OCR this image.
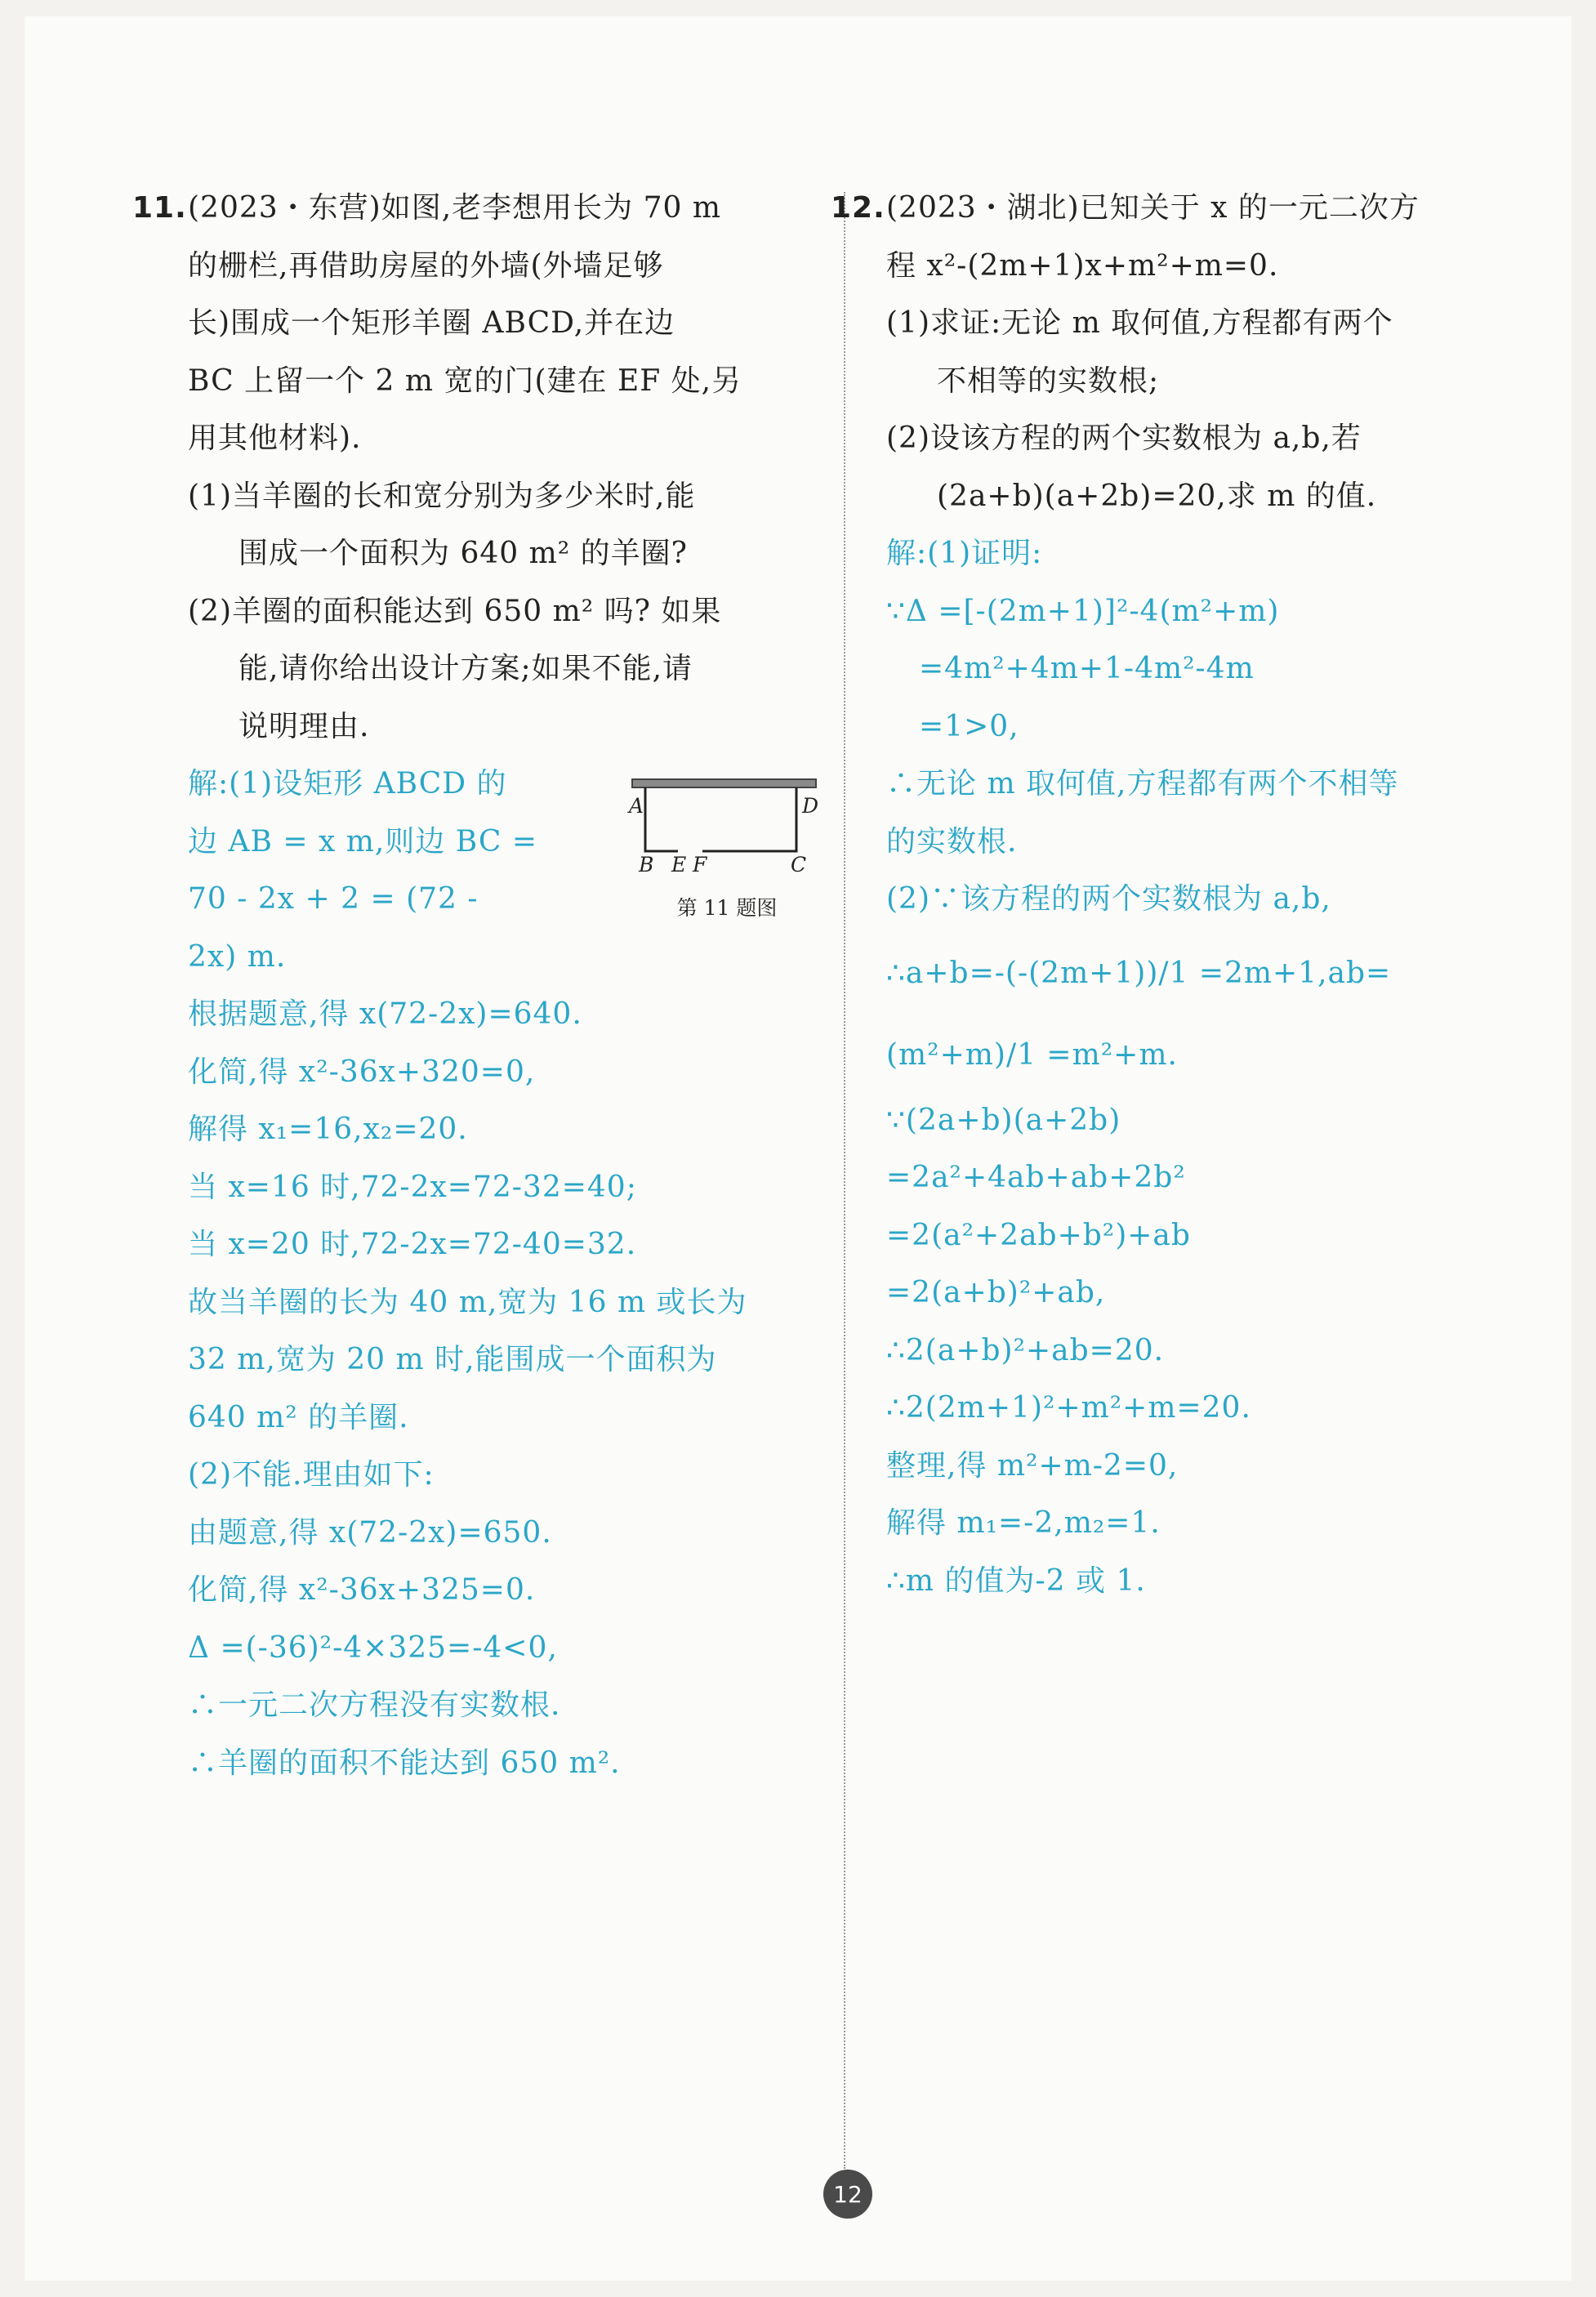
11. (2023・东营)如图,老李想用长为 70 m
的栅栏,再借助房屋的外墙(外墙足够
长)围成一个矩形羊圈 ABCD,并在边
BC 上留一个 2 m 宽的门(建在 EF 处,另
用其他材料).
(1)当羊圈的长和宽分别为多少米时,能
围成一个面积为 640 m² 的羊圈?
(2)羊圈的面积能达到 650 m² 吗? 如果
能,请你给出设计方案;如果不能,请
说明理由.
解:(1)设矩形 ABCD 的
边 AB = x m,则边 BC =
70 - 2x + 2 = (72 -
2x) m.
根据题意,得 x(72-2x)=640.
化简,得 x²-36x+320=0,
解得 x₁=16,x₂=20.
当 x=16 时,72-2x=72-32=40;
当 x=20 时,72-2x=72-40=32.
故当羊圈的长为 40 m,宽为 16 m 或长为
32 m,宽为 20 m 时,能围成一个面积为
640 m² 的羊圈.
(2)不能.理由如下:
由题意,得 x(72-2x)=650.
化简,得 x²-36x+325=0.
Δ =(-36)²-4×325=-4<0,
∴一元二次方程没有实数根.
∴羊圈的面积不能达到 650 m².
A	D
B E F	C
第 11 题图
12. (2023・湖北)已知关于 x 的一元二次方
程 x²-(2m+1)x+m²+m=0.
(1)求证:无论 m 取何值,方程都有两个
不相等的实数根;
(2)设该方程的两个实数根为 a,b,若
(2a+b)(a+2b)=20,求 m 的值.
解:(1)证明:
∵Δ =[-(2m+1)]²-4(m²+m)
=4m²+4m+1-4m²-4m
=1>0,
∴无论 m 取何值,方程都有两个不相等
的实数根.
(2)∵该方程的两个实数根为 a,b,
∴a+b=-(-(2m+1))/1 =2m+1,ab=
(m²+m)/1 =m²+m.
∵(2a+b)(a+2b)
=2a²+4ab+ab+2b²
=2(a²+2ab+b²)+ab
=2(a+b)²+ab,
∴2(a+b)²+ab=20.
∴2(2m+1)²+m²+m=20.
整理,得 m²+m-2=0,
解得 m₁=-2,m₂=1.
∴m 的值为-2 或 1.
12
